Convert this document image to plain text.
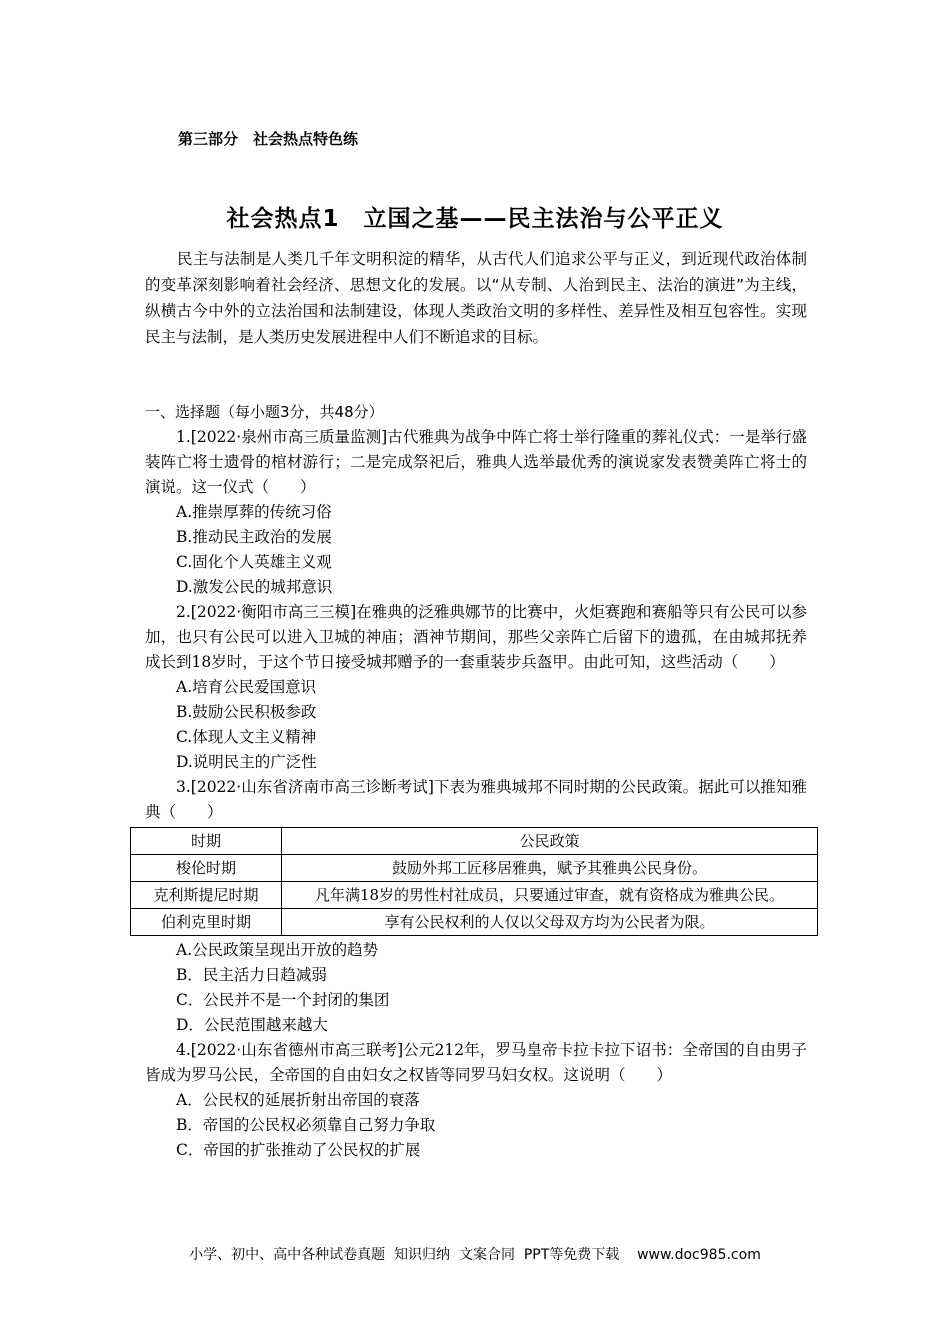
第三部分　社会热点特色练
社会热点1　立国之基——民主法治与公平正义

民主与法制是人类几千年文明积淀的精华，从古代人们追求公平与正义，到近现代政治体制的变革深刻影响着社会经济、思想文化的发展。以“从专制、人治到民主、法治的演进”为主线，纵横古今中外的立法治国和法制建设，体现人类政治文明的多样性、差异性及相互包容性。实现民主与法制，是人类历史发展进程中人们不断追求的目标。

一、选择题（每小题3分，共48分）

1.[2022·泉州市高三质量监测]古代雅典为战争中阵亡将士举行隆重的葬礼仪式：一是举行盛装阵亡将士遗骨的棺材游行；二是完成祭祀后，雅典人选举最优秀的演说家发表赞美阵亡将士的演说。这一仪式（　　）

A.推崇厚葬的传统习俗

B.推动民主政治的发展

C.固化个人英雄主义观

D.激发公民的城邦意识

2.[2022·衡阳市高三三模]在雅典的泛雅典娜节的比赛中，火炬赛跑和赛船等只有公民可以参加，也只有公民可以进入卫城的神庙；酒神节期间，那些父亲阵亡后留下的遗孤，在由城邦抚养成长到18岁时，于这个节日接受城邦赠予的一套重装步兵盔甲。由此可知，这些活动（　　）

A.培育公民爱国意识

B.鼓励公民积极参政

C.体现人文主义精神

D.说明民主的广泛性

3.[2022·山东省济南市高三诊断考试]下表为雅典城邦不同时期的公民政策。据此可以推知雅典（　　）

时期	公民政策
梭伦时期	鼓励外邦工匠移居雅典，赋予其雅典公民身份。
克利斯提尼时期	凡年满18岁的男性村社成员，只要通过审查，就有资格成为雅典公民。
伯利克里时期	享有公民权利的人仅以父母双方均为公民者为限。

A.公民政策呈现出开放的趋势

B．民主活力日趋减弱

C．公民并不是一个封闭的集团

D．公民范围越来越大

4.[2022·山东省德州市高三联考]公元212年，罗马皇帝卡拉卡拉下诏书：全帝国的自由男子皆成为罗马公民，全帝国的自由妇女之权皆等同罗马妇女权。这说明（　　）

A．公民权的延展折射出帝国的衰落

B．帝国的公民权必须靠自己努力争取

C．帝国的扩张推动了公民权的扩展

小学、初中、高中各种试卷真题  知识归纳  文案合同  PPT等免费下载    www.doc985.com
